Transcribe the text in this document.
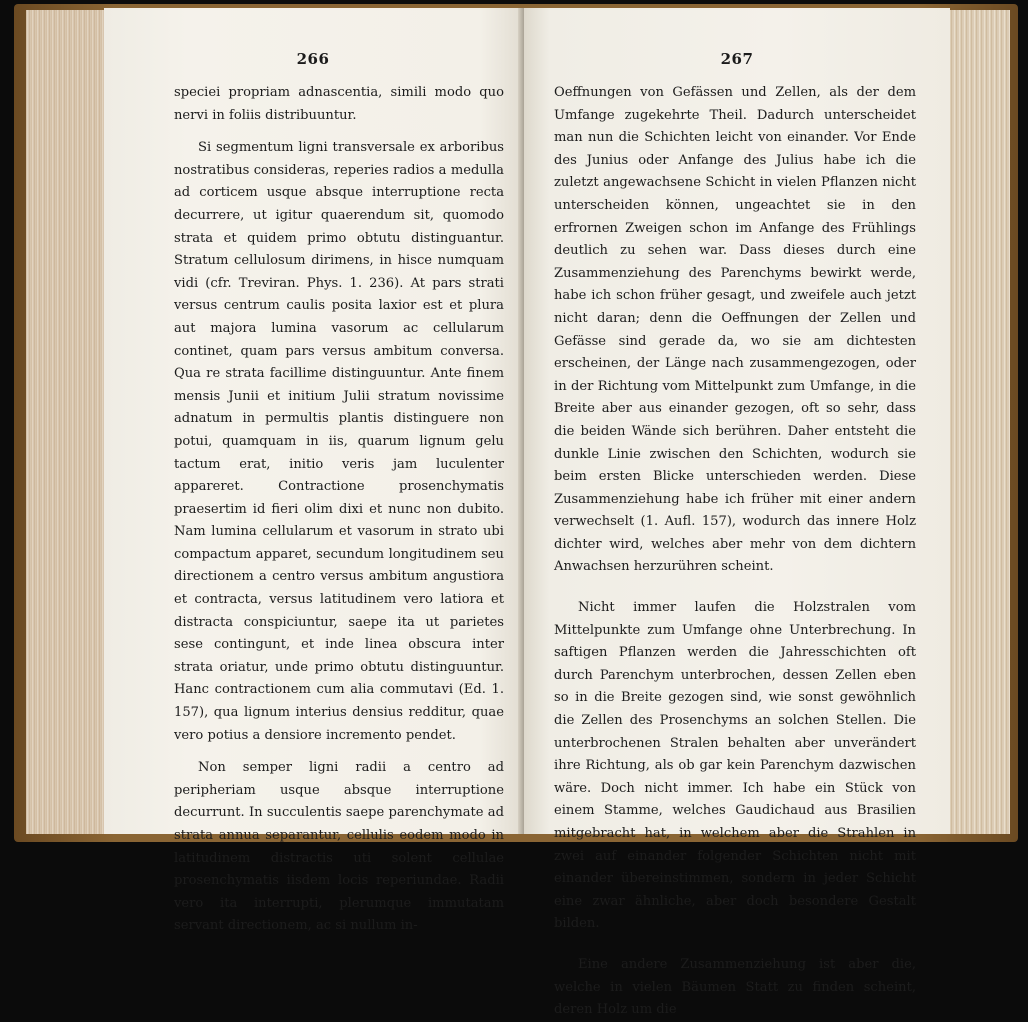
266

speciei propriam adnascentia, simili modo quo nervi in foliis distribuuntur.

Si segmentum ligni transversale ex arboribus nostratibus consideras, reperies radios a medulla ad corticem usque absque interruptione recta decurrere, ut igitur quaerendum sit, quomodo strata et quidem primo obtutu distinguantur. Stratum cellulosum dirimens, in hisce numquam vidi (cfr. Treviran. Phys. 1. 236). At pars strati versus centrum caulis posita laxior est et plura aut majora lumina vasorum ac cellularum continet, quam pars versus ambitum conversa. Qua re strata facillime distinguuntur. Ante finem mensis Junii et initium Julii stratum novissime adnatum in permultis plantis distinguere non potui, quamquam in iis, quarum lignum gelu tactum erat, initio veris jam luculenter appareret. Contractione prosenchymatis praesertim id fieri olim dixi et nunc non dubito. Nam lumina cellularum et vasorum in strato ubi compactum apparet, secundum longitudinem seu directionem a centro versus ambitum angustiora et contracta, versus latitudinem vero latiora et distracta conspiciuntur, saepe ita ut parietes sese contingunt, et inde linea obscura inter strata oriatur, unde primo obtutu distinguuntur. Hanc contractionem cum alia commutavi (Ed. 1. 157), qua lignum interius densius redditur, quae vero potius a densiore incremento pendet.

Non semper ligni radii a centro ad peripheriam usque absque interruptione decurrunt. In succulentis saepe parenchymate ad strata annua separantur, cellulis eodem modo in latitudinem distractis uti solent cellulae prosenchymatis iisdem locis reperiundae. Radii vero ita interrupti, plerumque immutatam servant directionem, ac si nullum in-

267

Oeffnungen von Gefässen und Zellen, als der dem Umfange zugekehrte Theil. Dadurch unterscheidet man nun die Schichten leicht von einander. Vor Ende des Junius oder Anfange des Julius habe ich die zuletzt angewachsene Schicht in vielen Pflanzen nicht unterscheiden können, ungeachtet sie in den erfrornen Zweigen schon im Anfange des Frühlings deutlich zu sehen war. Dass dieses durch eine Zusammenziehung des Parenchyms bewirkt werde, habe ich schon früher gesagt, und zweifele auch jetzt nicht daran; denn die Oeffnungen der Zellen und Gefässe sind gerade da, wo sie am dichtesten erscheinen, der Länge nach zusammengezogen, oder in der Richtung vom Mittelpunkt zum Umfange, in die Breite aber aus einander gezogen, oft so sehr, dass die beiden Wände sich berühren. Daher entsteht die dunkle Linie zwischen den Schichten, wodurch sie beim ersten Blicke unterschieden werden. Diese Zusammenziehung habe ich früher mit einer andern verwechselt (1. Aufl. 157), wodurch das innere Holz dichter wird, welches aber mehr von dem dichtern Anwachsen herzurühren scheint.

Nicht immer laufen die Holzstralen vom Mittelpunkte zum Umfange ohne Unterbrechung. In saftigen Pflanzen werden die Jahresschichten oft durch Parenchym unterbrochen, dessen Zellen eben so in die Breite gezogen sind, wie sonst gewöhnlich die Zellen des Prosenchyms an solchen Stellen. Die unterbrochenen Stralen behalten aber unverändert ihre Richtung, als ob gar kein Parenchym dazwischen wäre. Doch nicht immer. Ich habe ein Stück von einem Stamme, welches Gaudichaud aus Brasilien mitgebracht hat, in welchem aber die Strahlen in zwei auf einander folgender Schichten nicht mit einander übereinstimmen, sondern in jeder Schicht eine zwar ähnliche, aber doch besondere Gestalt bilden.

Eine andere Zusammenziehung ist aber die, welche in vielen Bäumen Statt zu finden scheint, deren Holz um die
